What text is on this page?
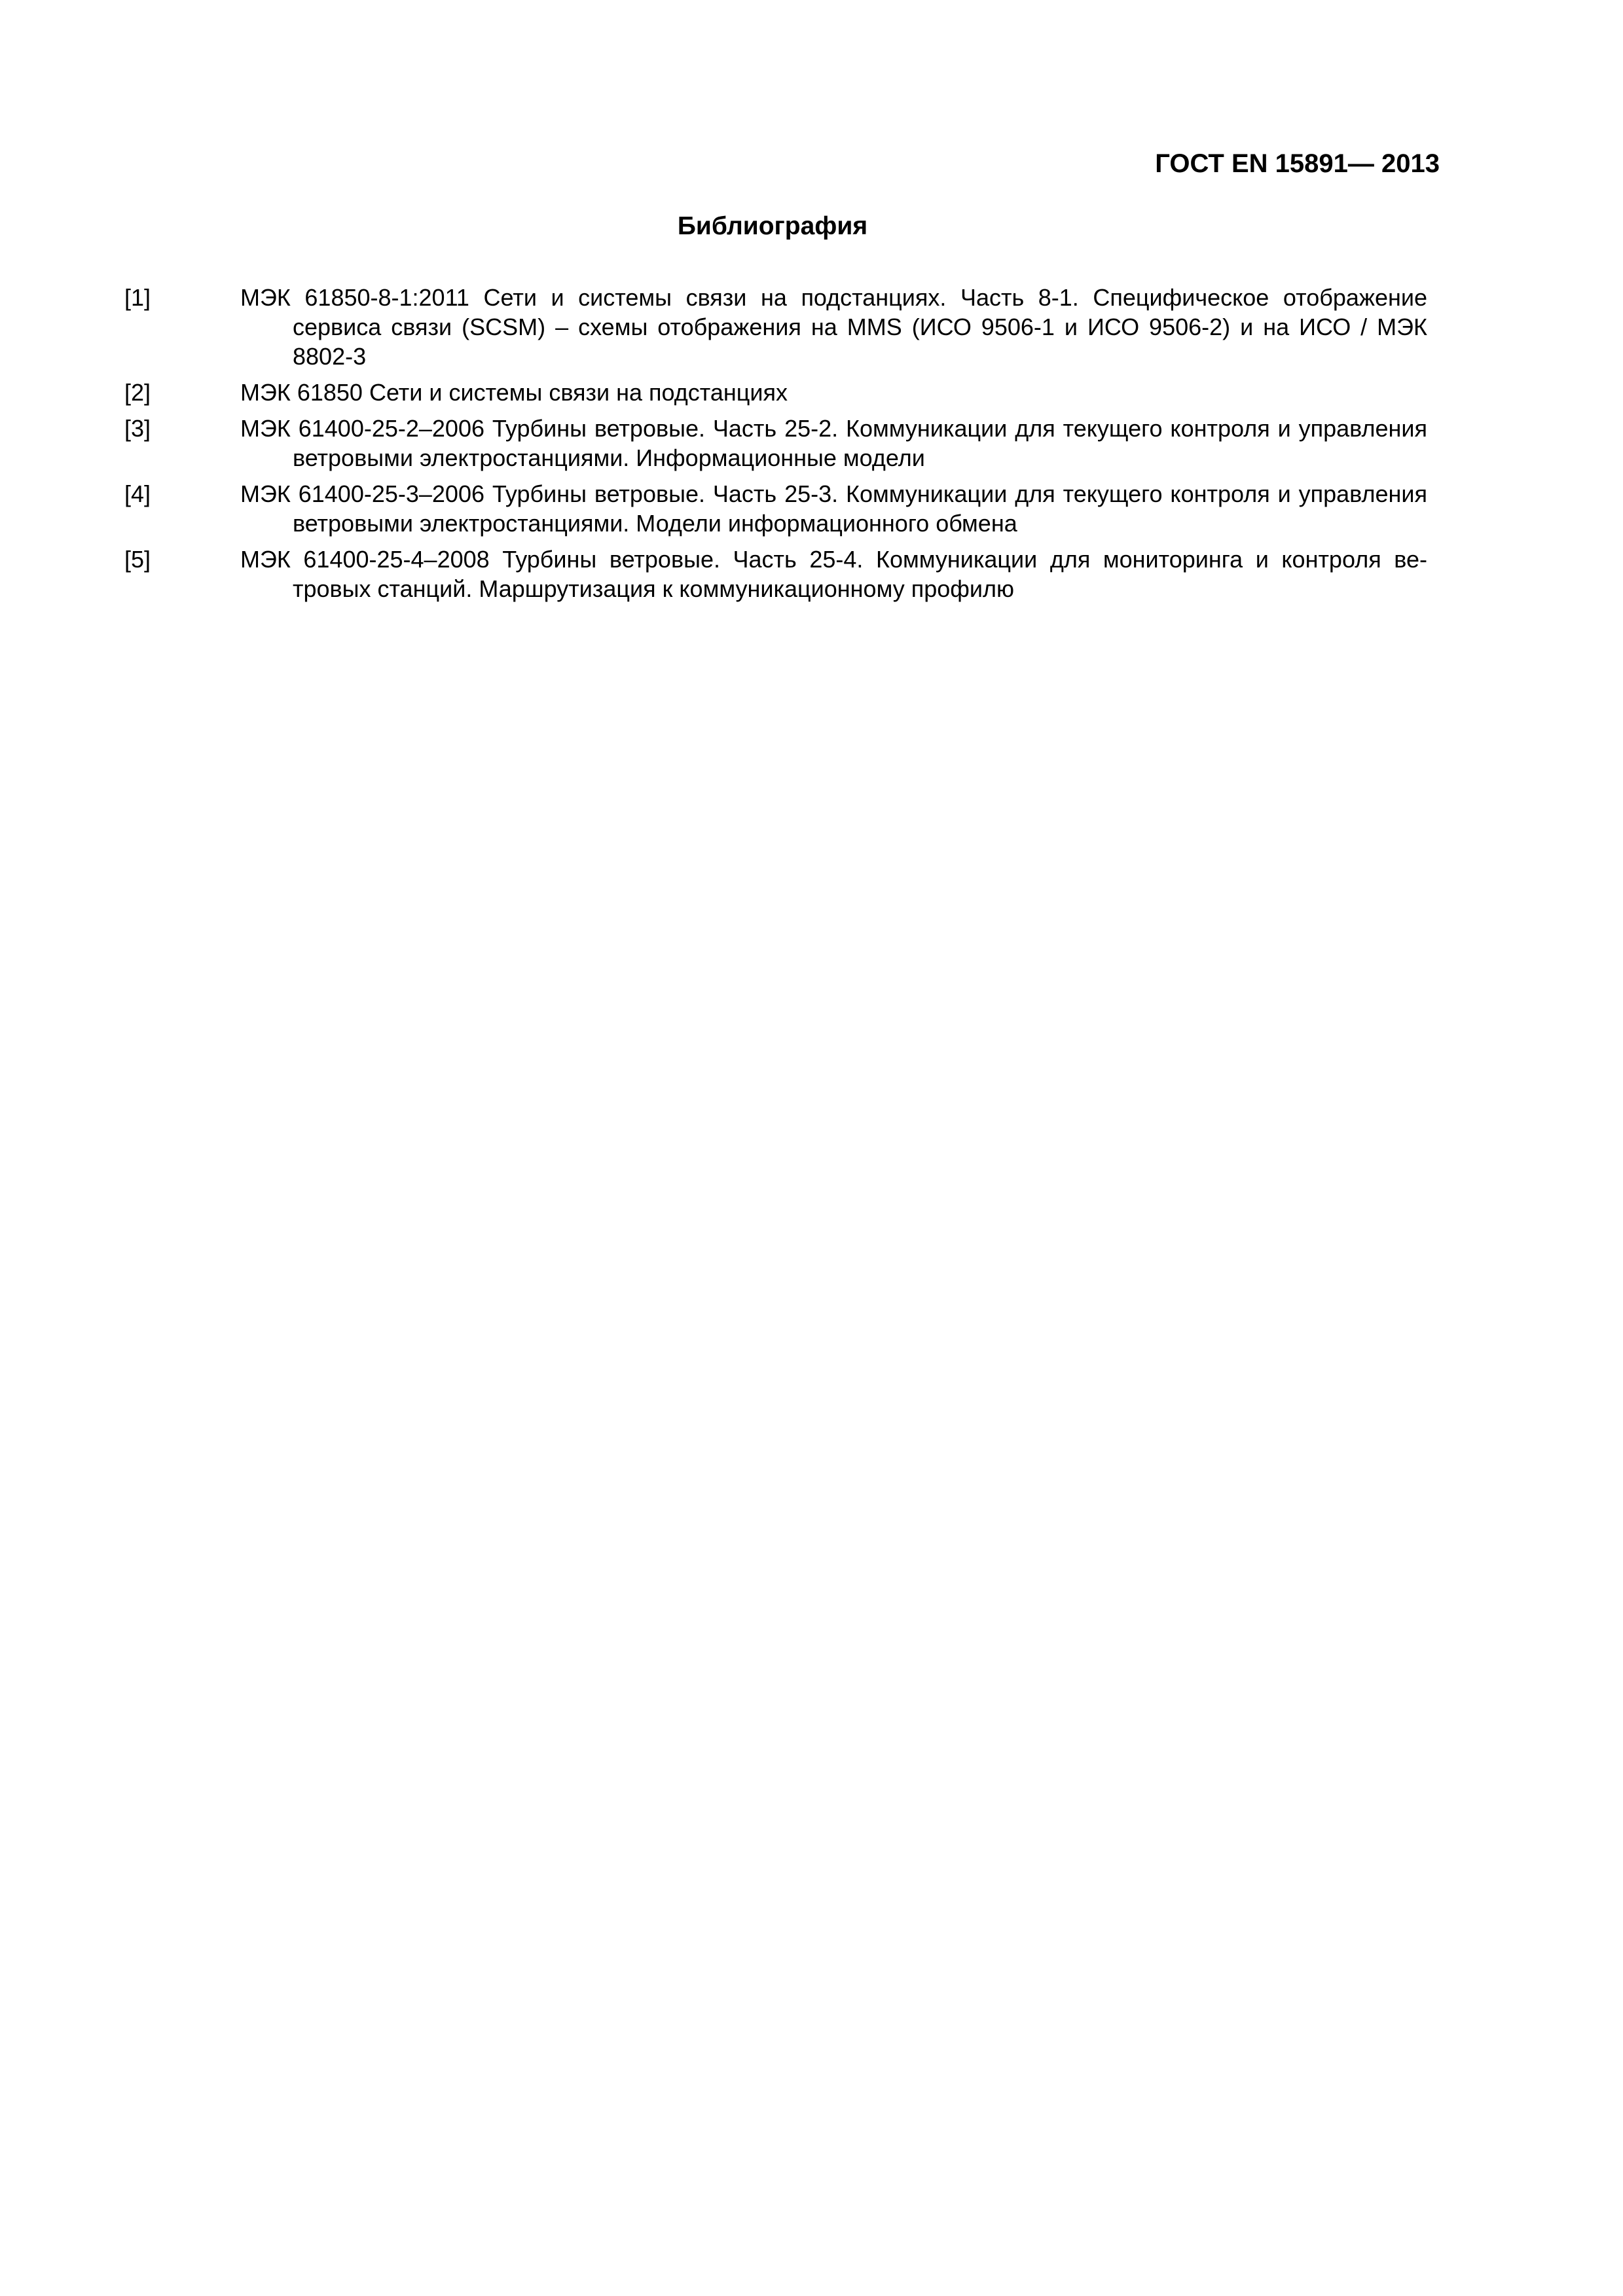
ГОСТ EN 15891— 2013
Библиография
[1]	МЭК 61850-8-1:2011 Сети и системы связи на подстанциях. Часть 8-1. Специфическое отображение сервиса связи (SCSM) – схемы отображения на MMS (ИСО 9506-1 и ИСО 9506-2) и на ИСО / МЭК 8802-3
[2]	МЭК 61850 Сети и системы связи на подстанциях
[3]	МЭК 61400-25-2–2006 Турбины ветровые. Часть 25-2. Коммуникации для текущего контроля и управления ветровыми электростанциями. Информационные модели
[4]	МЭК 61400-25-3–2006 Турбины ветровые. Часть 25-3. Коммуникации для текущего контроля и управления ветровыми электростанциями. Модели информационного обмена
[5]	МЭК 61400-25-4–2008 Турбины ветровые. Часть 25-4. Коммуникации для мониторинга и контроля ветровых станций. Маршрутизация к коммуникационному профилю
